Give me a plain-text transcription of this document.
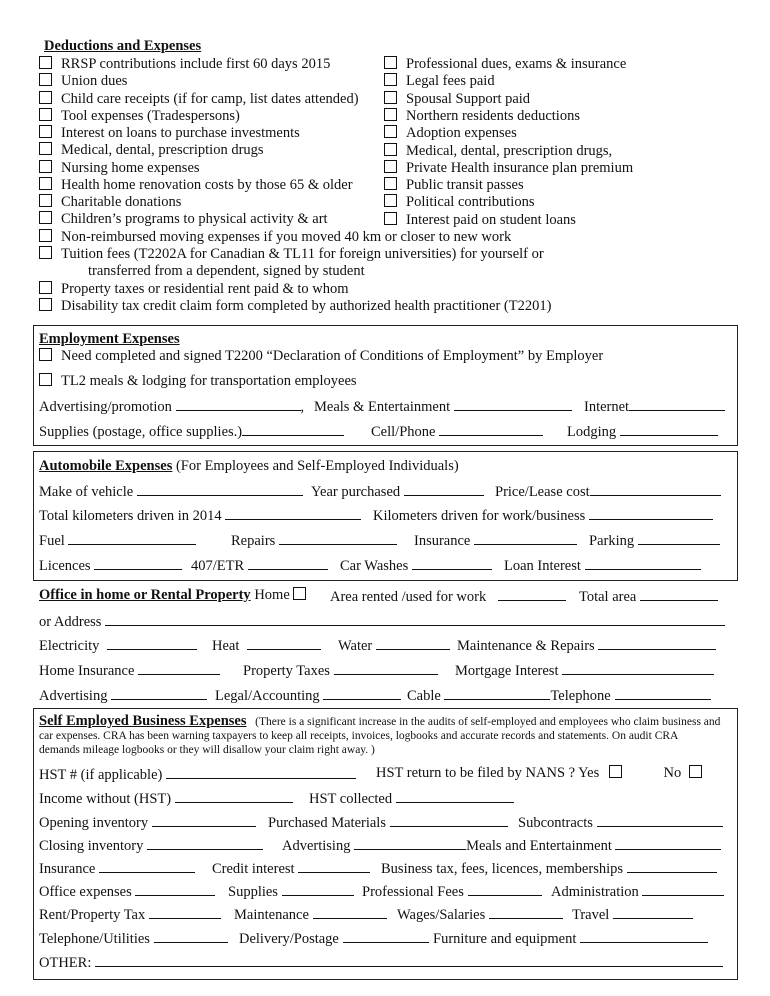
Deductions and Expenses
RRSP contributions include first 60 days 2015
Union dues
Child care receipts (if for camp, list dates attended)
Tool expenses (Tradespersons)
Interest on loans to purchase investments
Medical, dental, prescription drugs
Nursing home expenses
Health home renovation costs by those 65 & older
Charitable donations
Children’s programs to physical activity & art
Non-reimbursed moving expenses if you moved 40 km or closer to new work
Tuition fees (T2202A for Canadian & TL11 for foreign universities) for yourself or
Property taxes or residential rent paid & to whom
Disability tax credit claim form completed by authorized health practitioner (T2201)
Professional dues, exams & insurance
Legal fees paid
Spousal Support paid
Northern residents deductions
Adoption expenses
Medical, dental, prescription drugs,
Private Health insurance plan premium
Public transit passes
Political contributions
Interest paid on student loans
transferred from a dependent, signed by student
Employment Expenses
Need completed and signed T2200 “Declaration of Conditions of Employment” by Employer
TL2 meals & lodging for transportation employees
Advertising/promotion	, Meals & Entertainment	Internet
Supplies (postage, office supplies.)	Cell/Phone	Lodging
Automobile Expenses (For Employees and Self-Employed Individuals)
Make of vehicle	Year purchased	Price/Lease cost
Total kilometers driven in 2014	Kilometers driven for work/business
Fuel	Repairs	Insurance	Parking
Licences	407/ETR	Car Washes	Loan Interest
Office in home or Rental Property Home	Area rented /used for work	Total area
or Address
Electricity	Heat	Water	Maintenance & Repairs
Home Insurance	Property Taxes	Mortgage Interest
Advertising	Legal/Accounting	Cable	Telephone
Self Employed Business Expenses (There is a significant increase in the audits of self-employed and employees who claim business and car expenses. CRA has been warning taxpayers to keep all receipts, invoices, logbooks and accurate records and statements. On audit CRA demands mileage logbooks or they will disallow your claim right away. )
HST # (if applicable)	HST return to be filed by NANS ? Yes	No
Income without (HST)	HST collected
Opening inventory	Purchased Materials	Subcontracts
Closing inventory	Advertising	Meals and Entertainment
Insurance	Credit interest	Business tax, fees, licences, memberships
Office expenses	Supplies	Professional Fees	Administration
Rent/Property Tax	Maintenance	Wages/Salaries	Travel
Telephone/Utilities	Delivery/Postage	Furniture and equipment
OTHER:
